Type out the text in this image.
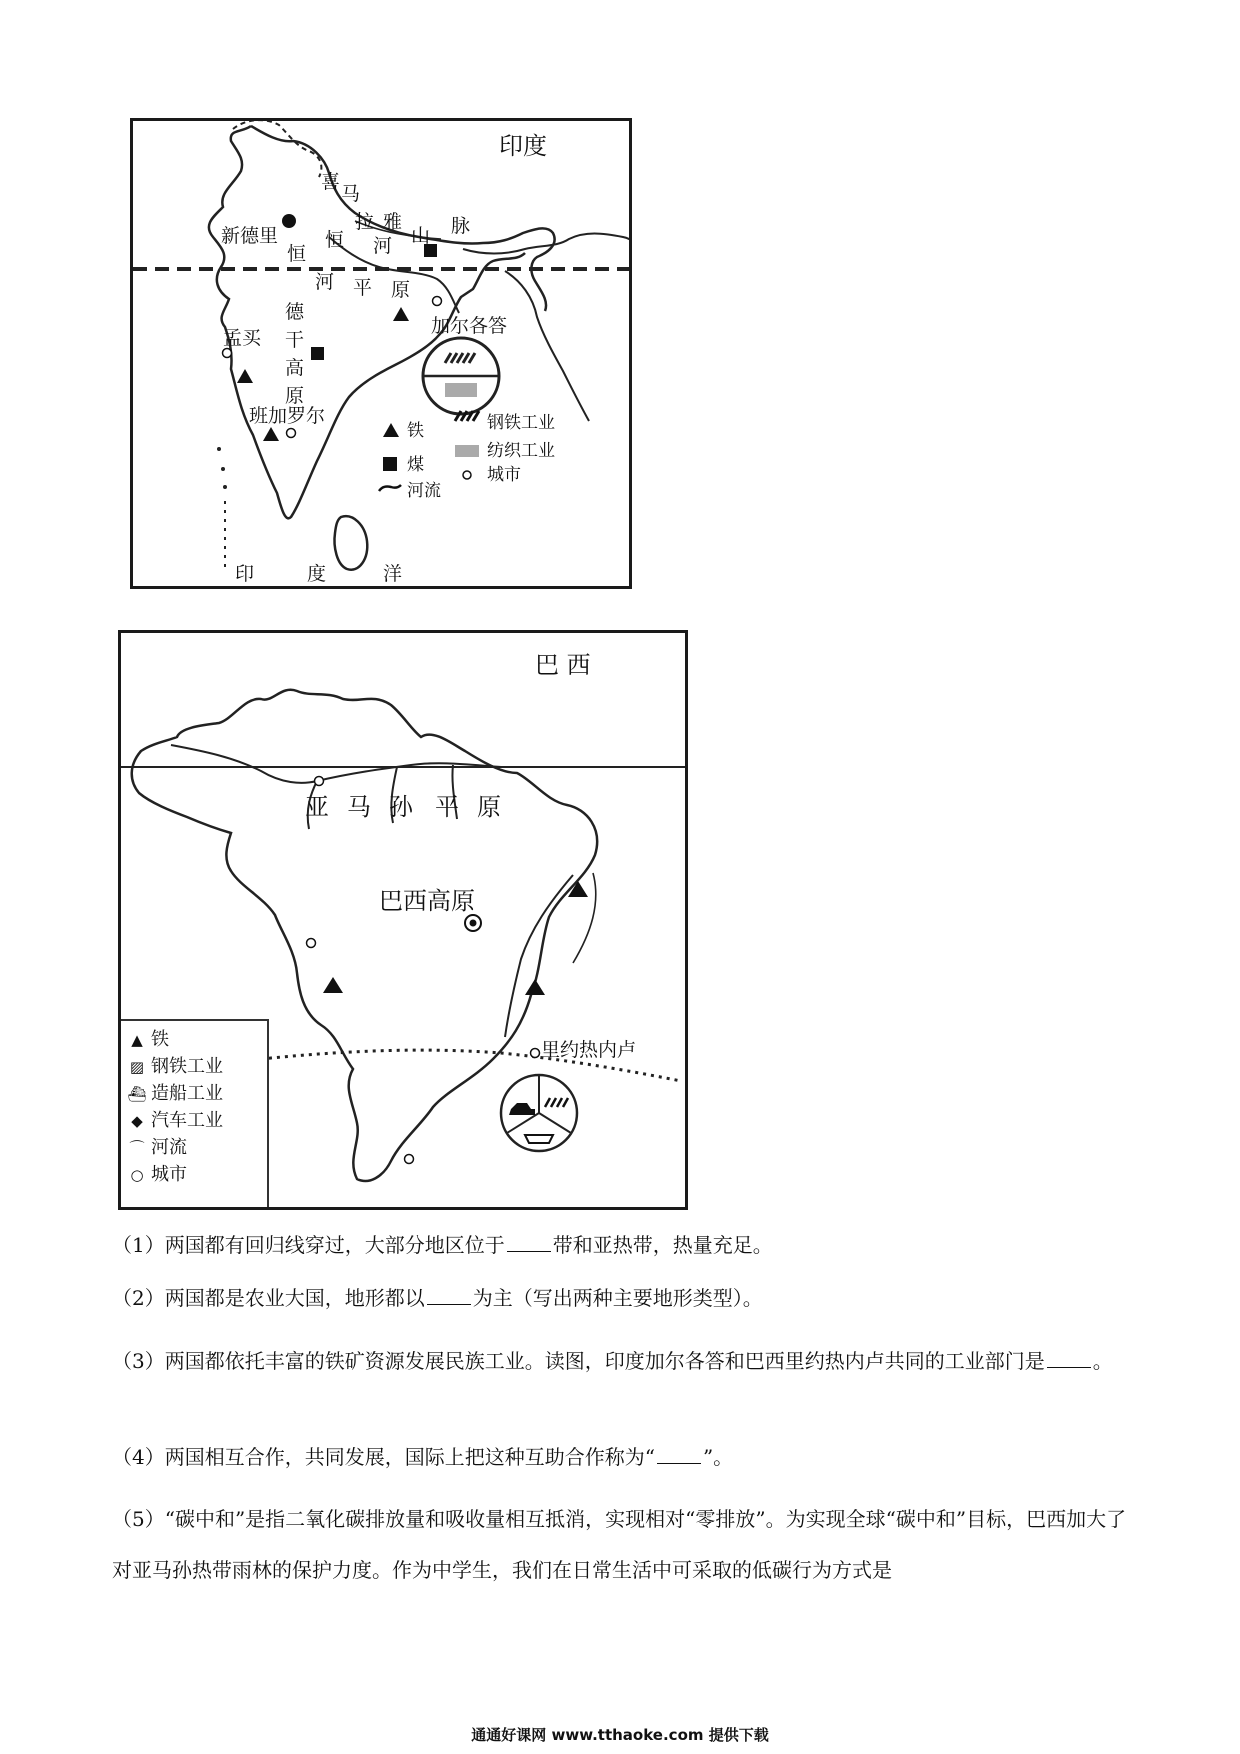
印度
喜
马
拉 雅
山 脉
新德里
恒
恒 河
河 平 原
德
干
高
原
加尔各答
孟买
班加罗尔
铁
煤
河流
钢铁工业
纺织工业
城市
印	度	洋
巴 西
亚 马 孙 平 原
巴西高原
里约热内卢
▲ 铁
▨ 钢铁工业
⛴ 造船工业
◆ 汽车工业
⌒ 河流
○ 城市
（1）两国都有回归线穿过，大部分地区位于 带和亚热带，热量充足。
（2）两国都是农业大国，地形都以 为主（写出两种主要地形类型）。
（3）两国都依托丰富的铁矿资源发展民族工业。读图，印度加尔各答和巴西里约热内卢共同的工业部门是 。
（4）两国相互合作，共同发展，国际上把这种互助合作称为“ ”。
（5）“碳中和”是指二氧化碳排放量和吸收量相互抵消，实现相对“零排放”。为实现全球“碳中和”目标，巴西加大了对亚马孙热带雨林的保护力度。作为中学生，我们在日常生活中可采取的低碳行为方式是
通通好课网 www.tthaoke.com 提供下载
